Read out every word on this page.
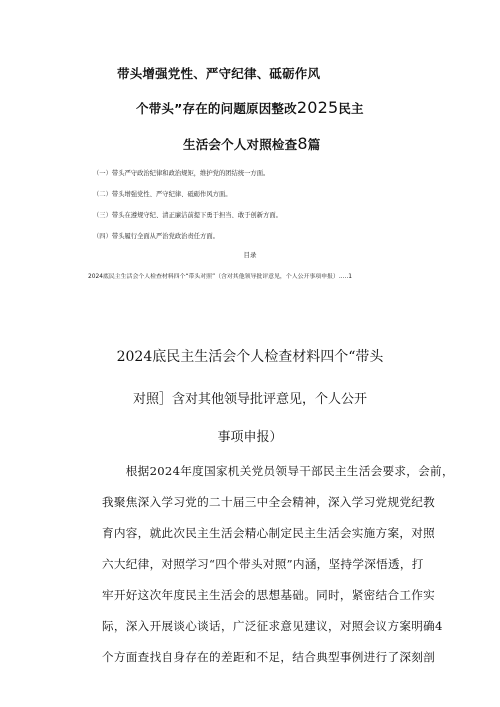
带头增强党性、严守纪律、砥砺作风
个带头”存在的问题原因整改2025民主
生活会个人对照检查8篇
（一）带头严守政治纪律和政治规矩，维护党的团结统一方面。
（二）带头增强党性、严守纪律、砥砺作风方面。
（三）带头在遵规守纪、清正廉洁前提下勇于担当、敢于创新方面。
（四）带头履行全面从严治党政治责任方面。
目录
2024底民主生活会个人检查材料四个“带头对照”（含对其他领导批评意见，个人公开事项申报）.....1
2024底民主生活会个人检查材料四个“带头
对照］含对其他领导批评意见，个人公开
事项申报）
　　根据2024年度国家机关党员领导干部民主生活会要求，会前，
我聚焦深入学习党的二十届三中全会精神，深入学习党规党纪教
育内容，就此次民主生活会精心制定民主生活会实施方案，对照
六大纪律，对照学习“四个带头对照”内涵，坚持学深悟透，打
牢开好这次年度民主生活会的思想基础。同时，紧密结合工作实
际，深入开展谈心谈话，广泛征求意见建议，对照会议方案明确4
个方面查找自身存在的差距和不足，结合典型事例进行了深刻剖
